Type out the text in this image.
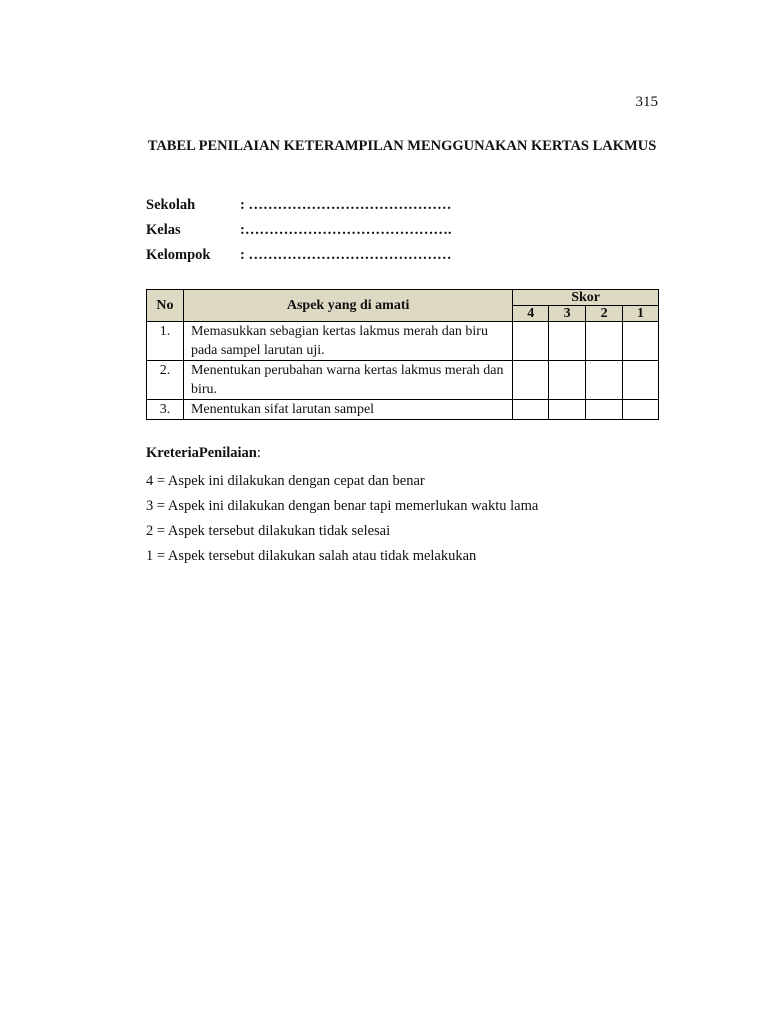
315
TABEL PENILAIAN KETERAMPILAN MENGGUNAKAN KERTAS LAKMUS
Sekolah	: ……………………………………
Kelas	:…………………………………….
Kelompok : ……………………………………
No	Aspek yang di amati	Skor			
		4	3	2	1
1.	Memasukkan sebagian kertas lakmus merah dan biru pada sampel larutan uji.				
2.	Menentukan perubahan warna kertas lakmus merah dan biru.				
3.	Menentukan sifat larutan sampel				
KreteriaPenilaian:
4 = Aspek ini dilakukan dengan cepat dan benar
3 = Aspek ini dilakukan dengan benar tapi memerlukan waktu lama
2 = Aspek tersebut dilakukan tidak selesai
1 = Aspek tersebut dilakukan salah atau tidak melakukan
